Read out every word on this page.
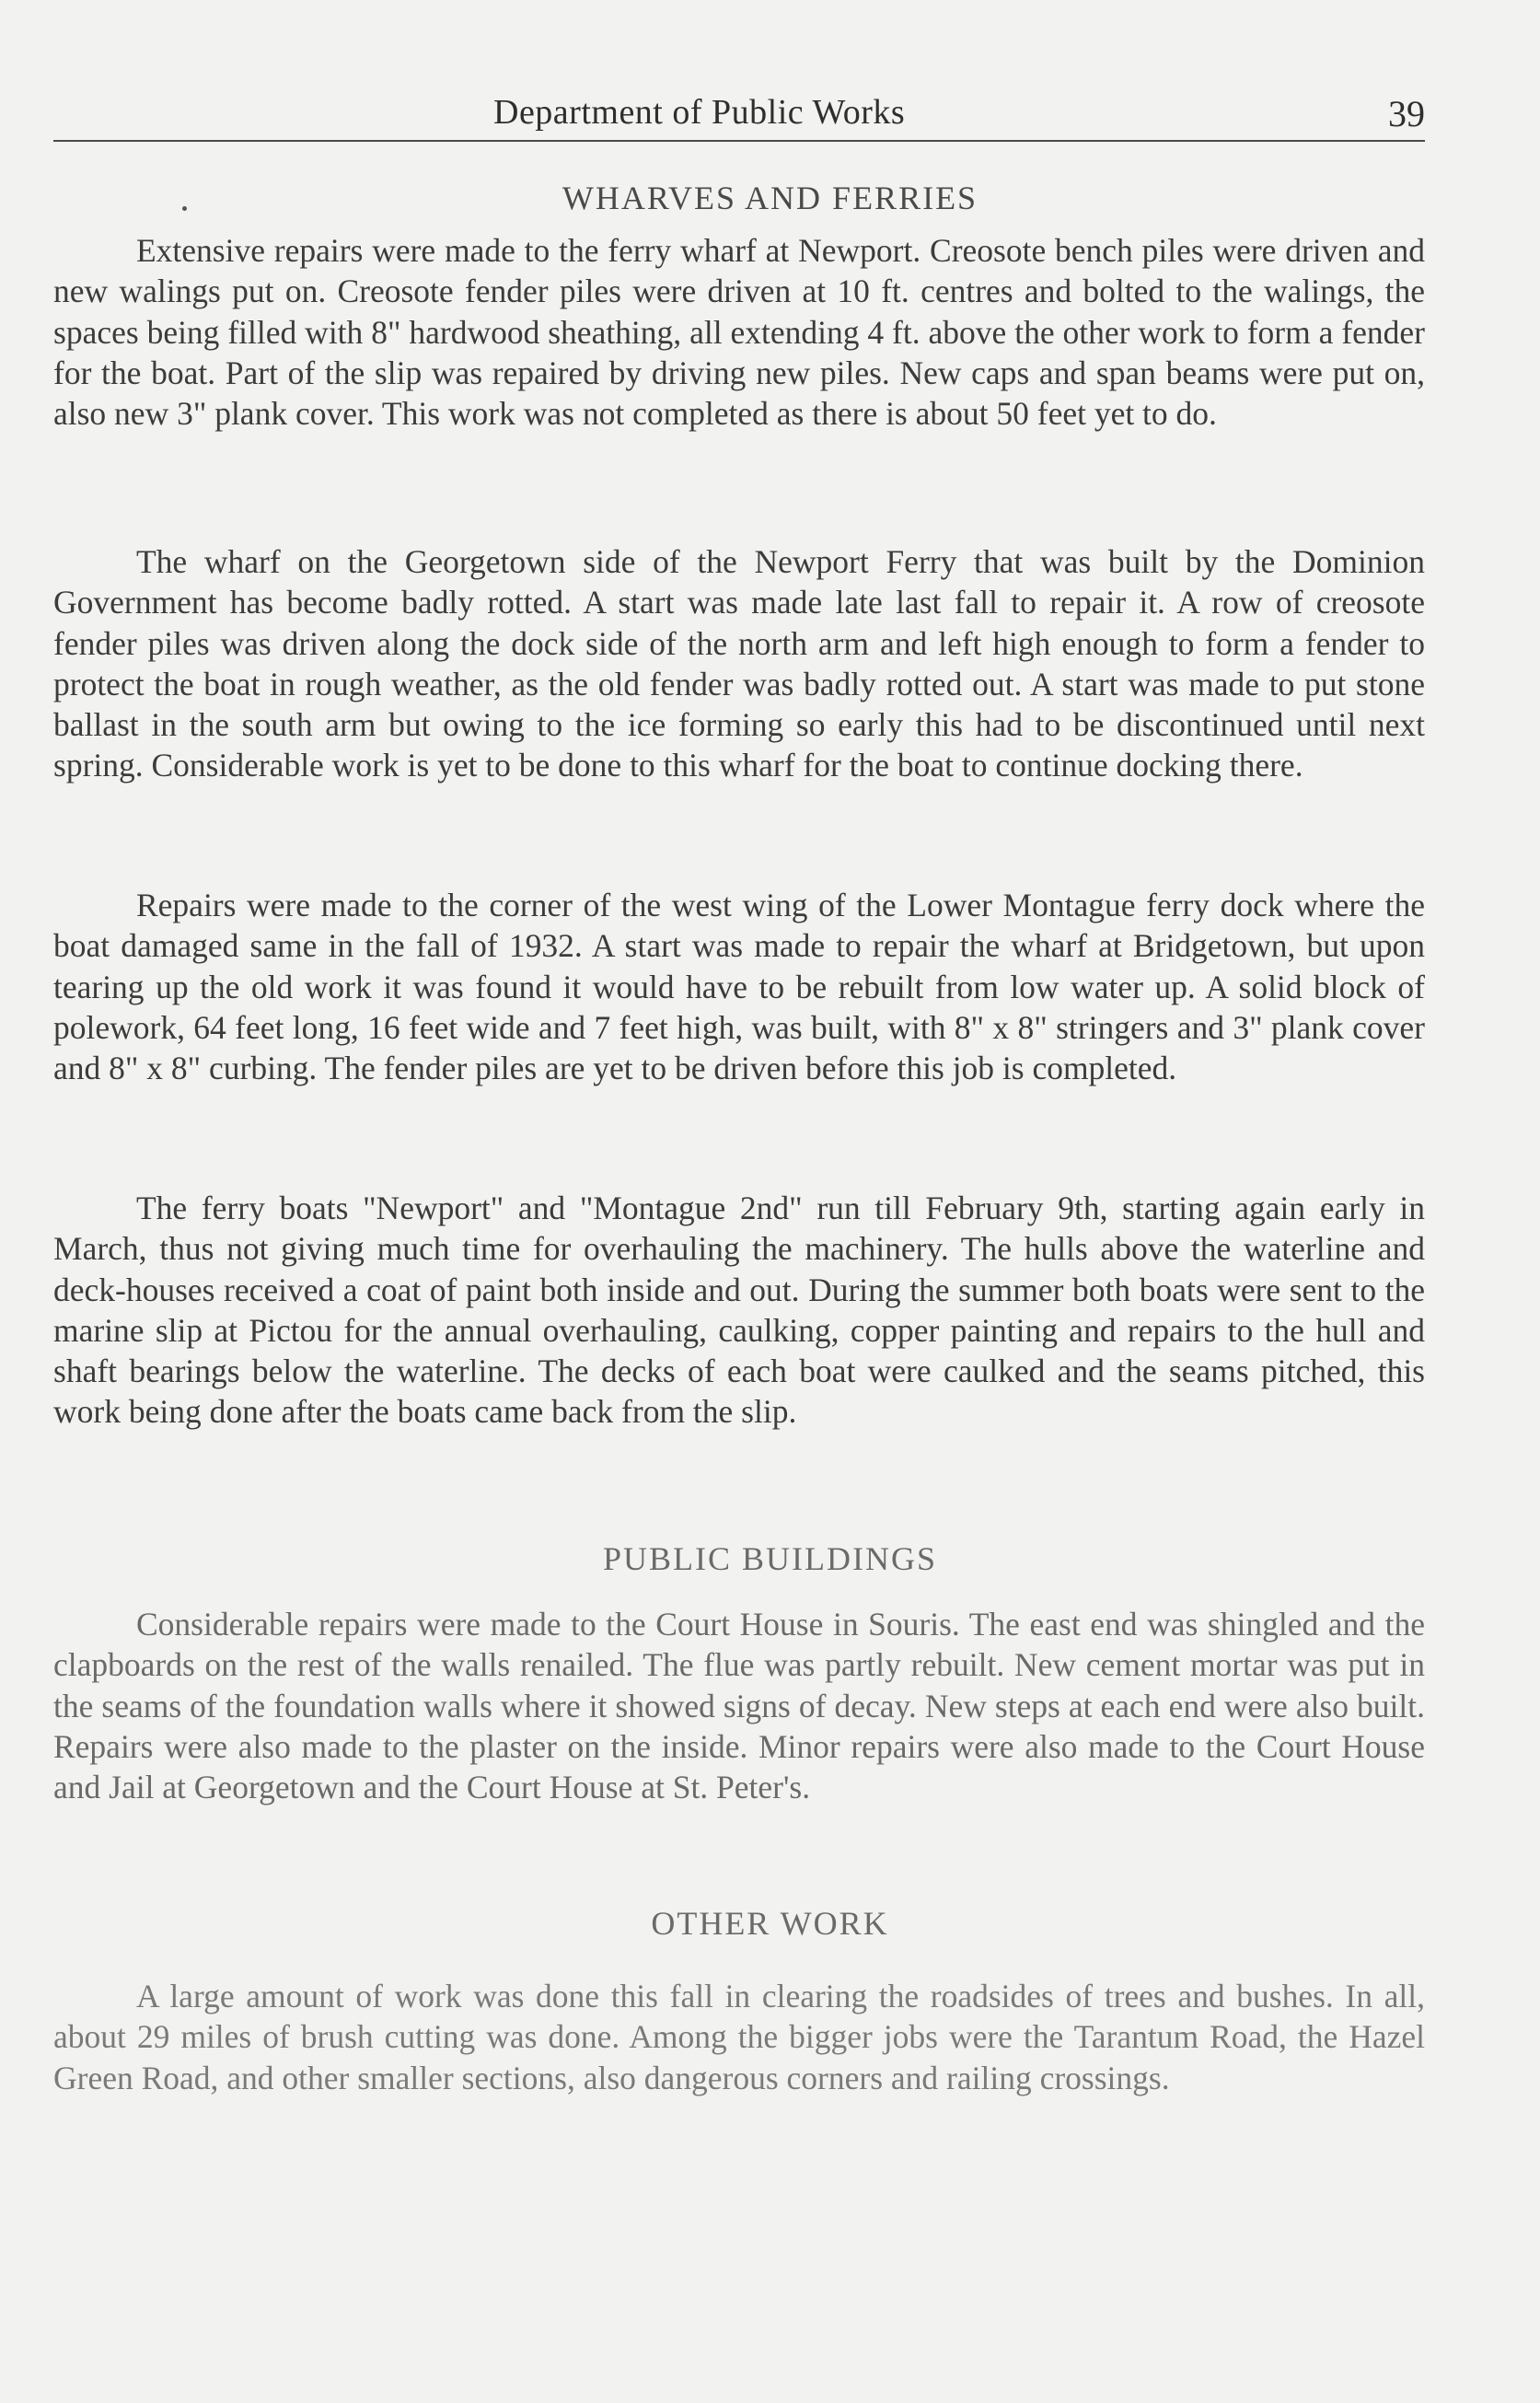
Department of Public Works	39
WHARVES AND FERRIES

Extensive repairs were made to the ferry wharf at Newport. Creosote bench piles were driven and new walings put on. Creosote fender piles were driven at 10 ft. centres and bolted to the walings, the spaces being filled with 8" hardwood sheathing, all extending 4 ft. above the other work to form a fender for the boat. Part of the slip was repaired by driving new piles. New caps and span beams were put on, also new 3" plank cover. This work was not completed as there is about 50 feet yet to do.

The wharf on the Georgetown side of the Newport Ferry that was built by the Dominion Government has become badly rotted. A start was made late last fall to repair it. A row of creosote fender piles was driven along the dock side of the north arm and left high enough to form a fender to protect the boat in rough weather, as the old fender was badly rotted out. A start was made to put stone ballast in the south arm but owing to the ice forming so early this had to be discontinued until next spring. Considerable work is yet to be done to this wharf for the boat to continue docking there.

Repairs were made to the corner of the west wing of the Lower Montague ferry dock where the boat damaged same in the fall of 1932. A start was made to repair the wharf at Bridgetown, but upon tearing up the old work it was found it would have to be rebuilt from low water up. A solid block of polework, 64 feet long, 16 feet wide and 7 feet high, was built, with 8" x 8" stringers and 3" plank cover and 8" x 8" curbing. The fender piles are yet to be driven before this job is completed.

The ferry boats "Newport" and "Montague 2nd" run till February 9th, starting again early in March, thus not giving much time for overhauling the machinery. The hulls above the waterline and deck-houses received a coat of paint both inside and out. During the summer both boats were sent to the marine slip at Pictou for the annual overhauling, caulking, copper painting and repairs to the hull and shaft bearings below the waterline. The decks of each boat were caulked and the seams pitched, this work being done after the boats came back from the slip.

PUBLIC BUILDINGS

Considerable repairs were made to the Court House in Souris. The east end was shingled and the clapboards on the rest of the walls renailed. The flue was partly rebuilt. New cement mortar was put in the seams of the foundation walls where it showed signs of decay. New steps at each end were also built. Repairs were also made to the plaster on the inside. Minor repairs were also made to the Court House and Jail at Georgetown and the Court House at St. Peter's.

OTHER WORK

A large amount of work was done this fall in clearing the roadsides of trees and bushes. In all, about 29 miles of brush cutting was done. Among the bigger jobs were the Tarantum Road, the Hazel Green Road, and other smaller sections, also dangerous corners and railing crossings.
